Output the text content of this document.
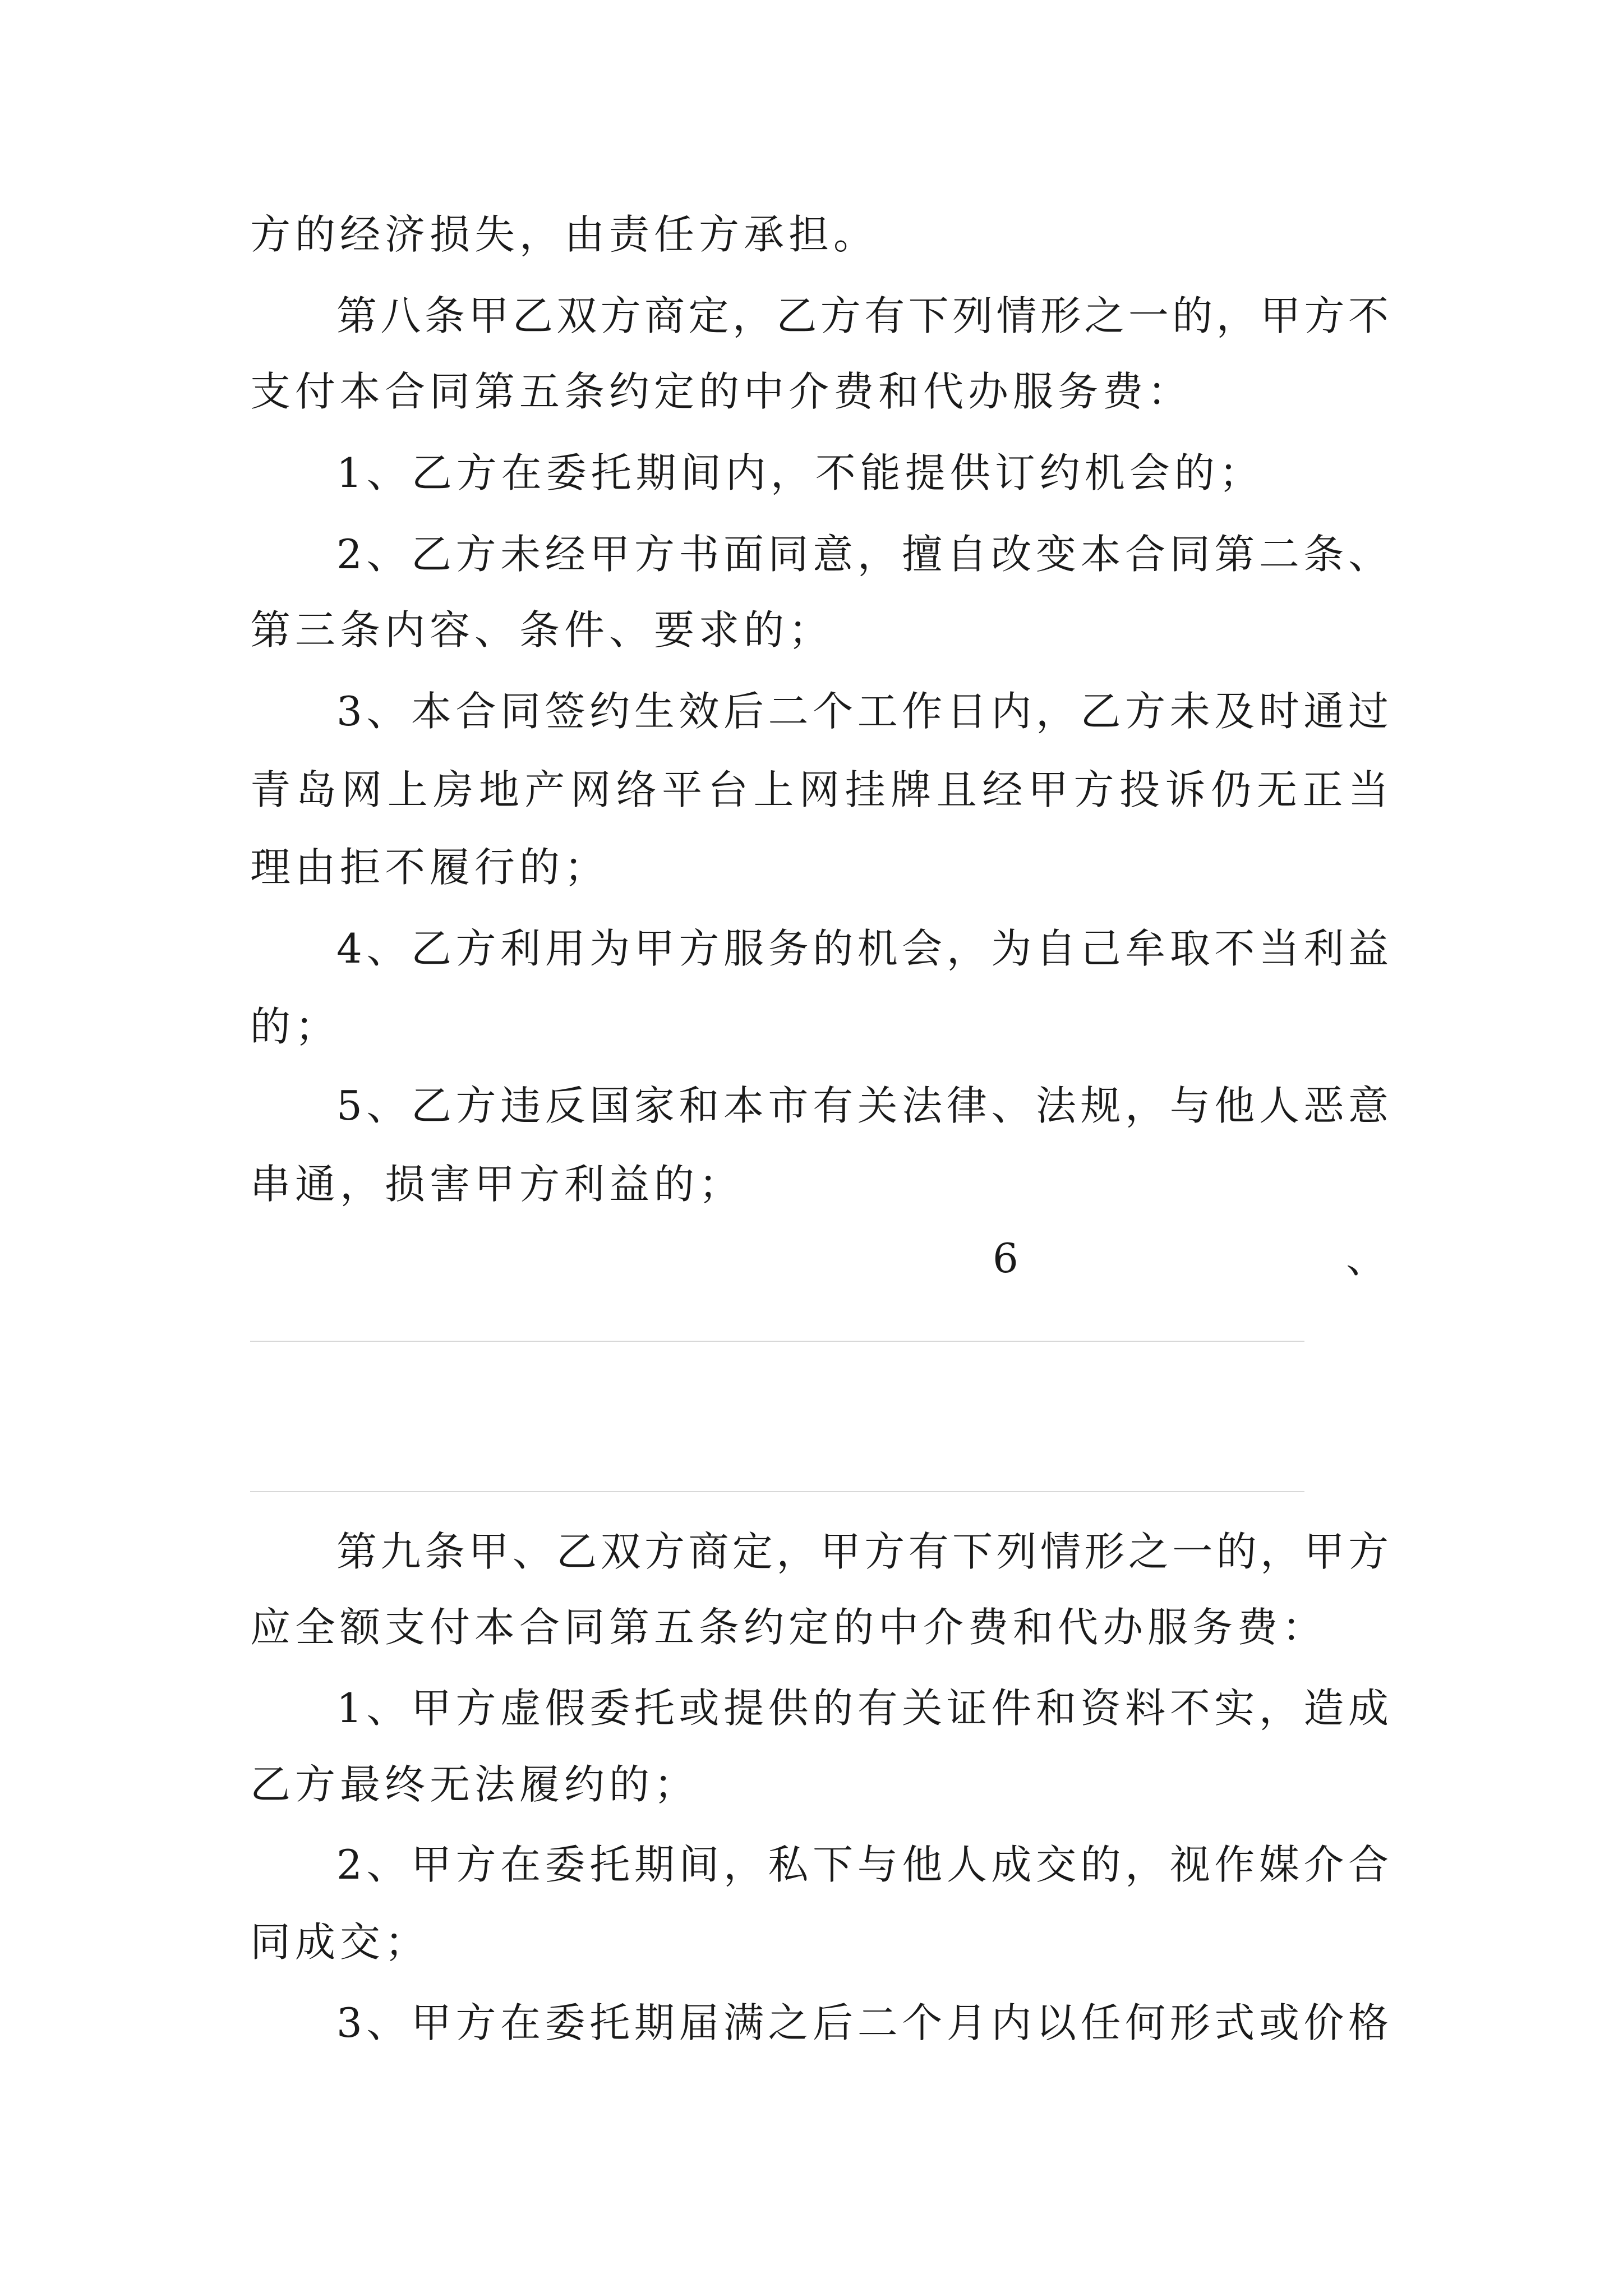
方的经济损失，由责任方承担。
第八条甲乙双方商定，乙方有下列情形之一的，甲方不
支付本合同第五条约定的中介费和代办服务费：
1、乙方在委托期间内，不能提供订约机会的；
2、乙方未经甲方书面同意，擅自改变本合同第二条、
第三条内容、条件、要求的；
3、本合同签约生效后二个工作日内，乙方未及时通过
青岛网上房地产网络平台上网挂牌且经甲方投诉仍无正当
理由拒不履行的；
4、乙方利用为甲方服务的机会，为自己牟取不当利益
的；
5、乙方违反国家和本市有关法律、法规，与他人恶意
串通，损害甲方利益的；
6	、
第九条甲、乙双方商定，甲方有下列情形之一的，甲方
应全额支付本合同第五条约定的中介费和代办服务费：
1、甲方虚假委托或提供的有关证件和资料不实，造成
乙方最终无法履约的；
2、甲方在委托期间，私下与他人成交的，视作媒介合
同成交；
3、甲方在委托期届满之后二个月内以任何形式或价格
